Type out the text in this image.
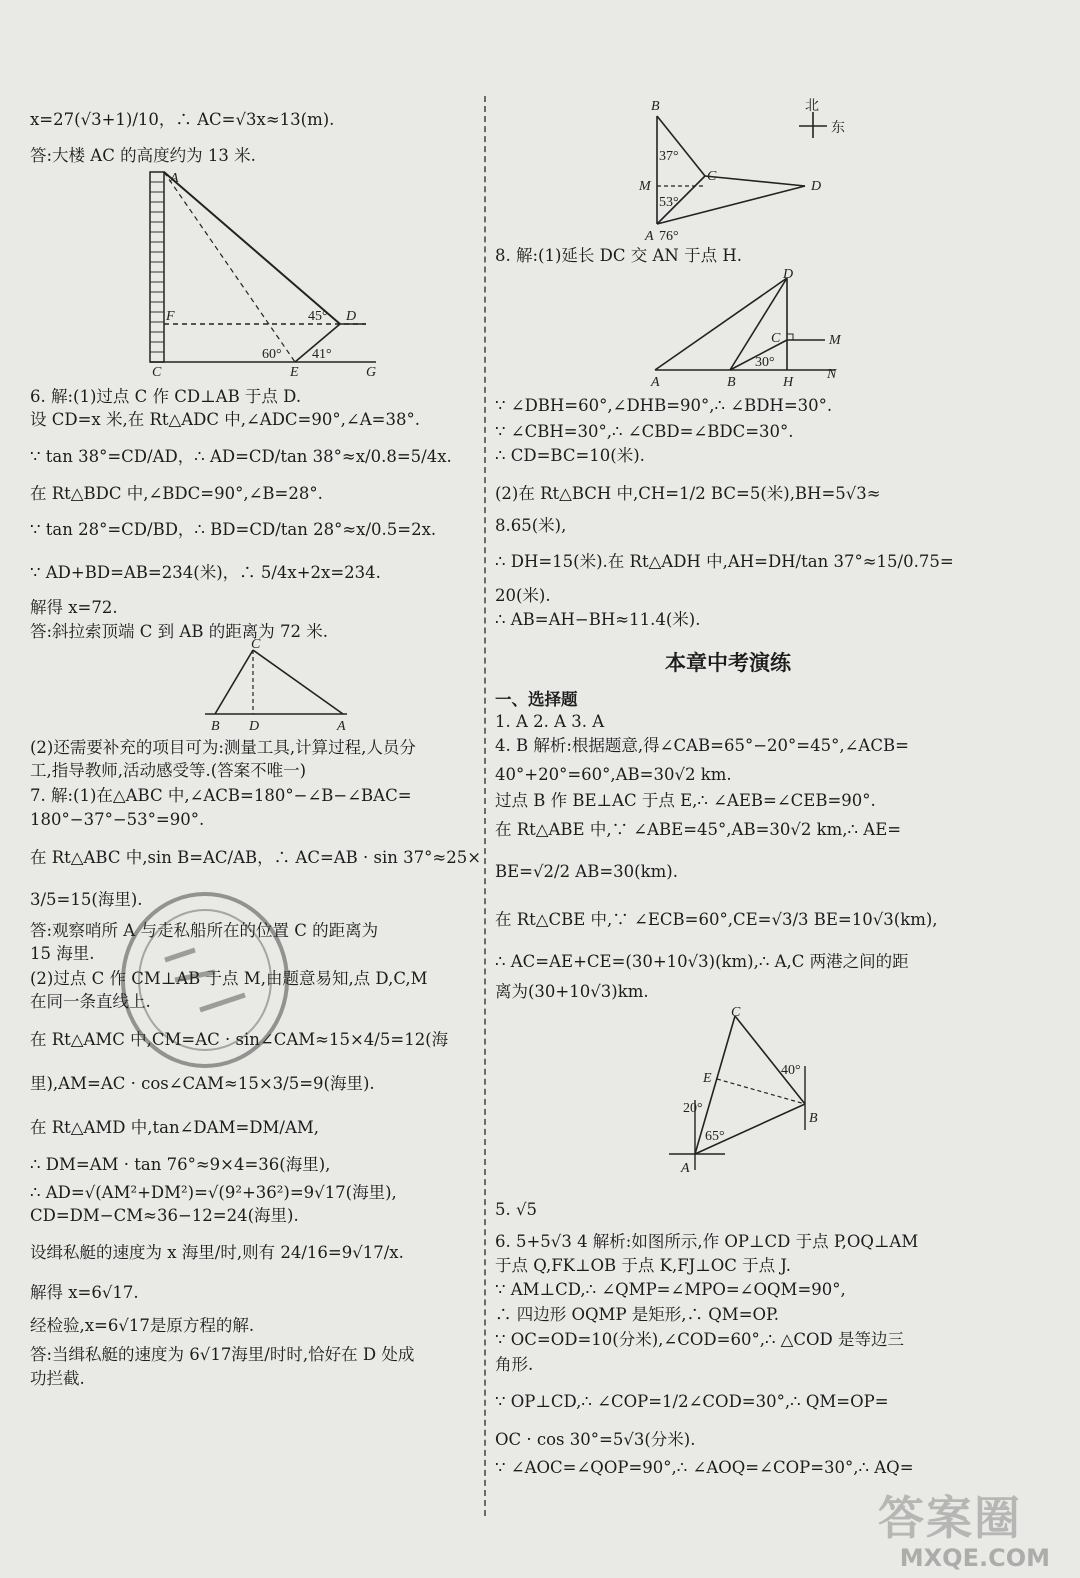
x=27(√3+1)/10，∴ AC=√3x≈13(m).
答:大楼 AC 的高度约为 13 米.
A
F	D
C	E	G
45°
60° 41°
6. 解:(1)过点 C 作 CD⊥AB 于点 D.
设 CD=x 米,在 Rt△ADC 中,∠ADC=90°,∠A=38°.
∵ tan 38°=CD/AD，∴ AD=CD/tan 38°≈x/0.8=5/4x.
在 Rt△BDC 中,∠BDC=90°,∠B=28°.
∵ tan 28°=CD/BD，∴ BD=CD/tan 28°≈x/0.5=2x.
∵ AD+BD=AB=234(米)，∴ 5/4x+2x=234.
解得 x=72.
答:斜拉索顶端 C 到 AB 的距离为 72 米.
C
B D	A
(2)还需要补充的项目可为:测量工具,计算过程,人员分
工,指导教师,活动感受等.(答案不唯一)
7. 解:(1)在△ABC 中,∠ACB=180°−∠B−∠BAC=
180°−37°−53°=90°.
在 Rt△ABC 中,sin B=AC/AB，∴ AC=AB · sin 37°≈25×
3/5=15(海里).
答:观察哨所 A 与走私船所在的位置 C 的距离为
15 海里.
(2)过点 C 作 CM⊥AB 于点 M,由题意易知,点 D,C,M
在同一条直线上.
在 Rt△AMC 中,CM=AC · sin∠CAM≈15×4/5=12(海
里),AM=AC · cos∠CAM≈15×3/5=9(海里).
在 Rt△AMD 中,tan∠DAM=DM/AM,
∴ DM=AM · tan 76°≈9×4=36(海里),
∴ AD=√(AM²+DM²)=√(9²+36²)=9√17(海里),
CD=DM−CM≈36−12=24(海里).
设缉私艇的速度为 x 海里/时,则有 24/16=9√17/x.
解得 x=6√17.
经检验,x=6√17是原方程的解.
答:当缉私艇的速度为 6√17海里/时时,恰好在 D 处成
功拦截.
B
M
C
D
A
37°
53°
76°
北
东
8. 解:(1)延长 DC 交 AN 于点 H.
D
C	M
A	B	H
N
30°
∵ ∠DBH=60°,∠DHB=90°,∴ ∠BDH=30°.
∵ ∠CBH=30°,∴ ∠CBD=∠BDC=30°.
∴ CD=BC=10(米).
(2)在 Rt△BCH 中,CH=1/2 BC=5(米),BH=5√3≈
8.65(米),
∴ DH=15(米).在 Rt△ADH 中,AH=DH/tan 37°≈15/0.75=
20(米).
∴ AB=AH−BH≈11.4(米).
本章中考演练
一、选择题
1. A 2. A 3. A
4. B 解析:根据题意,得∠CAB=65°−20°=45°,∠ACB=
40°+20°=60°,AB=30√2 km.
过点 B 作 BE⊥AC 于点 E,∴ ∠AEB=∠CEB=90°.
在 Rt△ABE 中,∵ ∠ABE=45°,AB=30√2 km,∴ AE=
BE=√2/2 AB=30(km).
在 Rt△CBE 中,∵ ∠ECB=60°,CE=√3/3 BE=10√3(km),
∴ AC=AE+CE=(30+10√3)(km),∴ A,C 两港之间的距
离为(30+10√3)km.
C
E
B
A
40°
20°
65°
5. √5
6. 5+5√3 4 解析:如图所示,作 OP⊥CD 于点 P,OQ⊥AM
于点 Q,FK⊥OB 于点 K,FJ⊥OC 于点 J.
∵ AM⊥CD,∴ ∠QMP=∠MPO=∠OQM=90°,
∴ 四边形 OQMP 是矩形,∴ QM=OP.
∵ OC=OD=10(分米),∠COD=60°,∴ △COD 是等边三
角形.
∵ OP⊥CD,∴ ∠COP=1/2∠COD=30°,∴ QM=OP=
OC · cos 30°=5√3(分米).
∵ ∠AOC=∠QOP=90°,∴ ∠AOQ=∠COP=30°,∴ AQ=
答案圈
MXQE.COM
